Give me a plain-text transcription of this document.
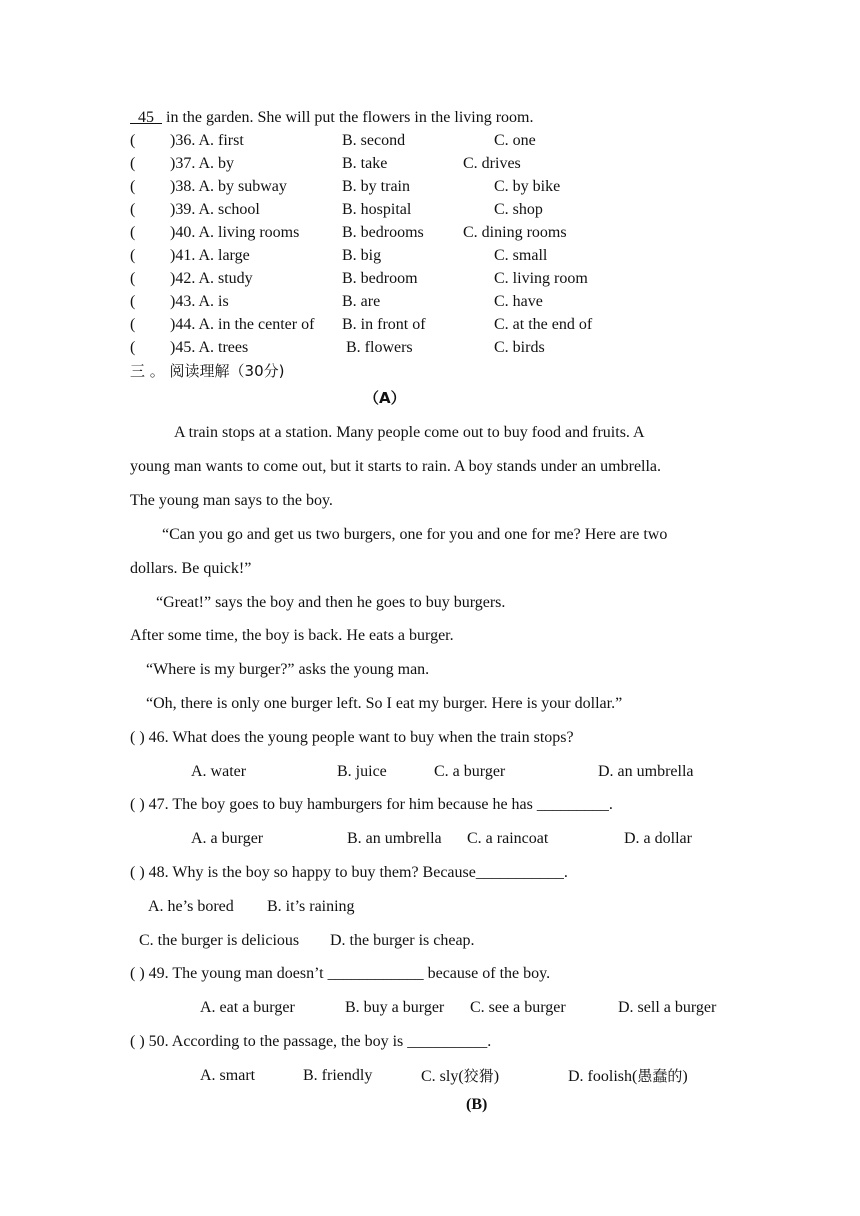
45   in the garden. She will put the flowers in the living room.
( )36. A. first	B. second	C. one
( )37. A. by	B. take	C. drives
( )38. A. by subway	B. by train	C. by bike
( )39. A. school	B. hospital	C. shop
( )40. A. living rooms	B. bedrooms C. dining rooms
( )41. A. large	B. big	C. small
( )42. A. study	B. bedroom	C. living room
( )43. A. is	B. are	C. have
( )44. A. in the center of B. in front of	C. at the end of
( )45. A. trees	B. flowers	C. birds
三 。 阅读理解（30分)
（A）
A train stops at a station. Many people come out to buy food and fruits. A
young man wants to come out, but it starts to rain. A boy stands under an umbrella.
The young man says to the boy.
“Can you go and get us two burgers, one for you and one for me? Here are two
dollars. Be quick!”
“Great!” says the boy and then he goes to buy burgers.
After some time, the boy is back. He eats a burger.
“Where is my burger?” asks the young man.
“Oh, there is only one burger left. So I eat my burger. Here is your dollar.”
( ) 46. What does the young people want to buy when the train stops?
A. water	B. juice	C. a burger	D. an umbrella
( ) 47. The boy goes to buy hamburgers for him because he has _________.
A. a burger	B. an umbrella C. a raincoat	D. a dollar
( ) 48. Why is the boy so happy to buy them? Because___________.
A. he’s bored B. it’s raining
C. the burger is delicious D. the burger is cheap.
( ) 49. The young man doesn’t ____________ because of the boy.
A. eat a burger	B. buy a burger C. see a burger	D. sell a burger
( ) 50. According to the passage, the boy is __________.
A. smart	B. friendly	C. sly(狡猾)	D. foolish(愚蠢的)
(B)
